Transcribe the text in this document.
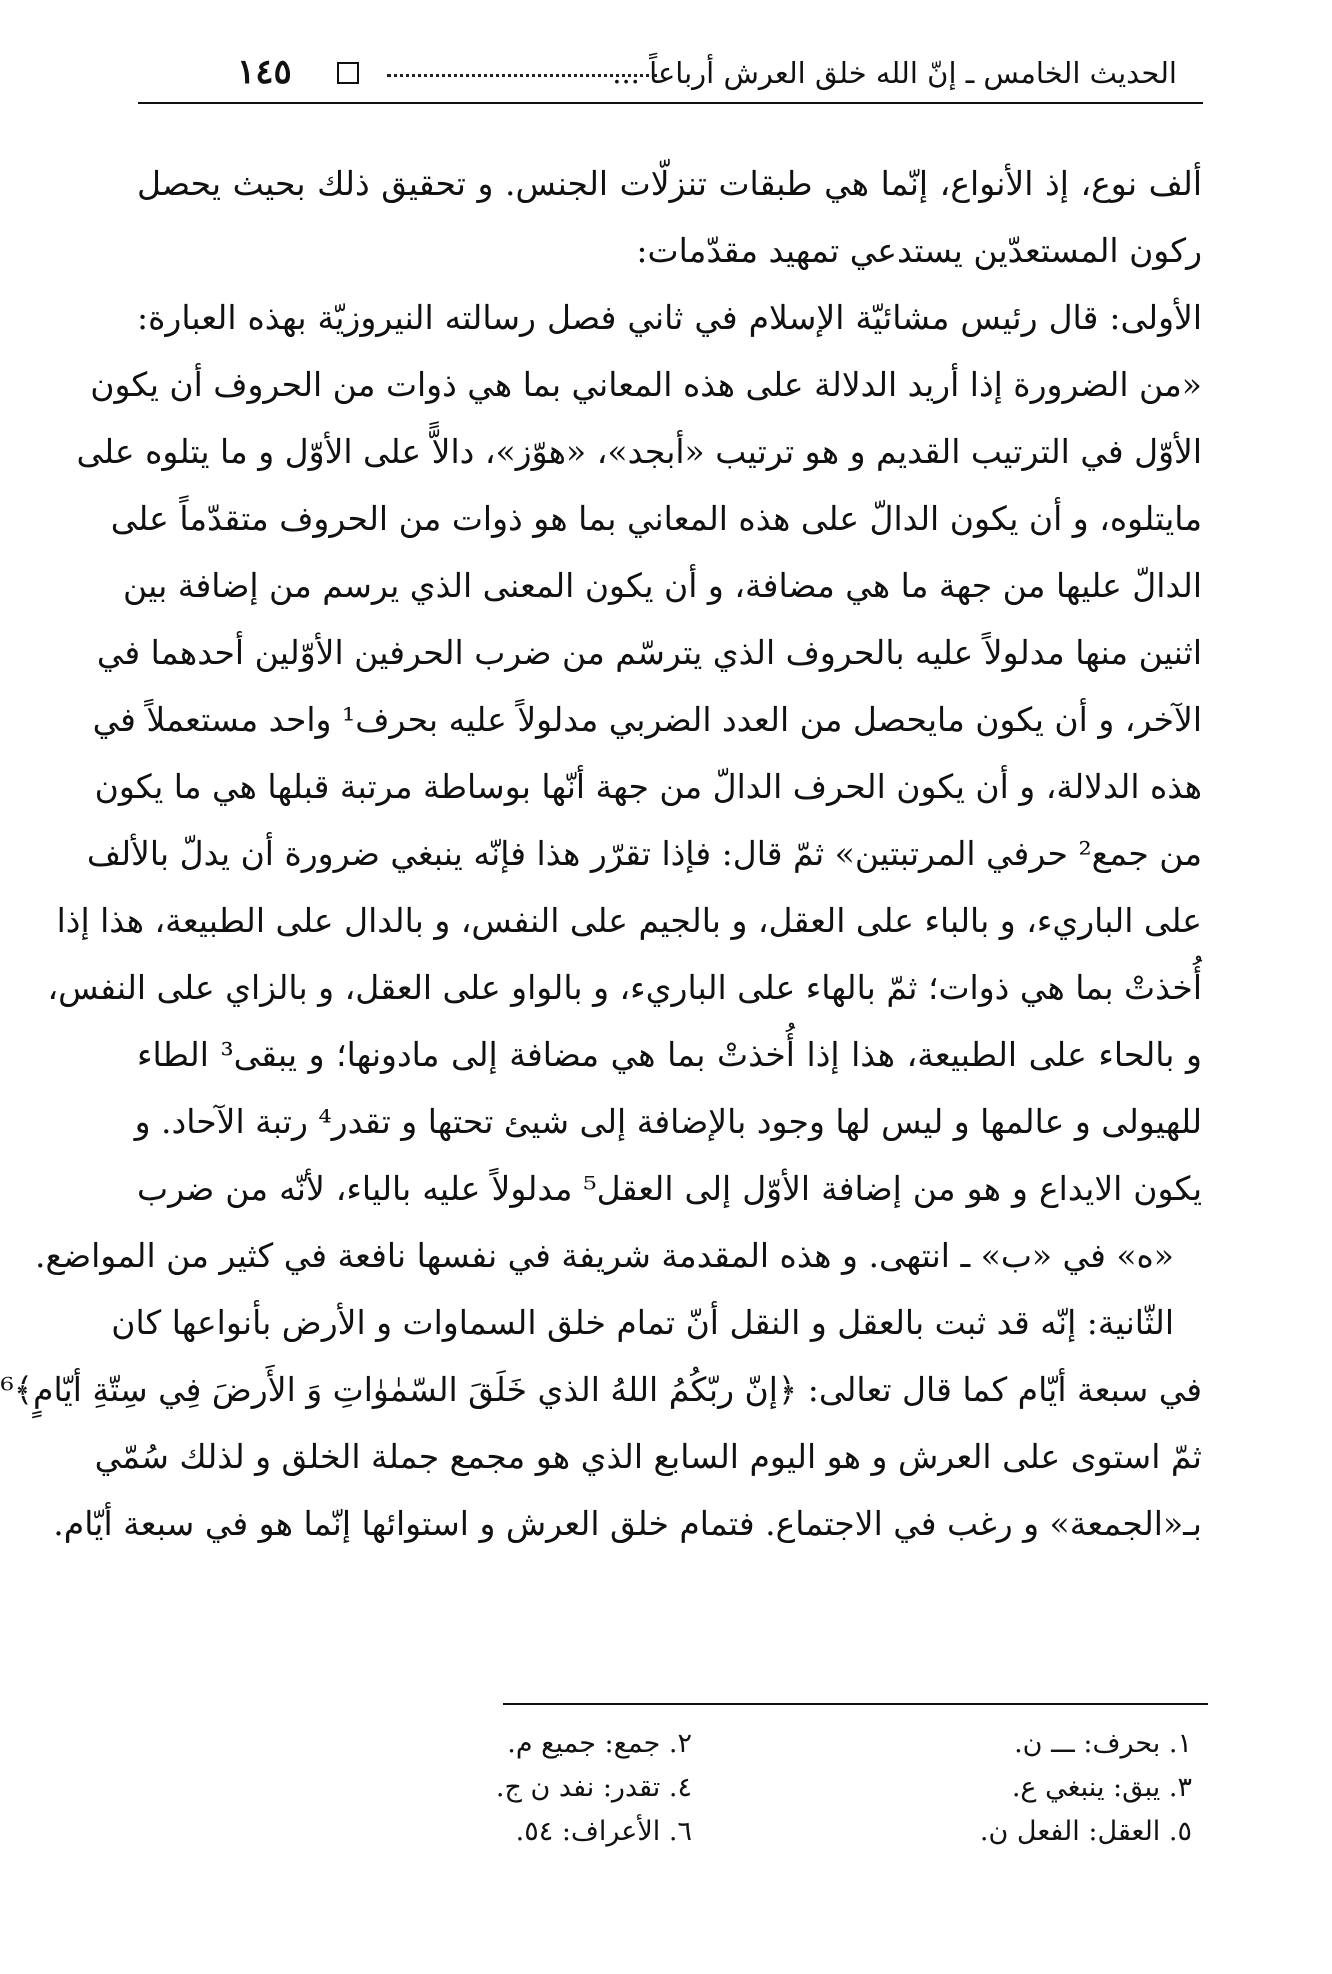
الحديث الخامس ـ إنّ الله خلق العرش أرباعاً ...
١٤٥
ألف نوع، إذ الأنواع، إنّما هي طبقات تنزلّات الجنس. و تحقيق ذلك بحيث يحصل
ركون المستعدّين يستدعي تمهيد مقدّمات:
الأولى: قال رئيس مشائيّة الإسلام في ثاني فصل رسالته النيروزيّة بهذه العبارة:
«من الضرورة إذا أريد الدلالة على هذه المعاني بما هي ذوات من الحروف أن يكون
الأوّل في الترتيب القديم و هو ترتيب «أبجد»، «هوّز»، دالاًّ على الأوّل و ما يتلوه على
مايتلوه، و أن يكون الدالّ على هذه المعاني بما هو ذوات من الحروف متقدّماً على
الدالّ عليها من جهة ما هي مضافة، و أن يكون المعنى الذي يرسم من إضافة بين
اثنين منها مدلولاً عليه بالحروف الذي يترسّم من ضرب الحرفين الأوّلين أحدهما في
الآخر، و أن يكون مايحصل من العدد الضربي مدلولاً عليه بحرف¹ واحد مستعملاً في
هذه الدلالة، و أن يكون الحرف الدالّ من جهة أنّها بوساطة مرتبة قبلها هي ما يكون
من جمع² حرفي المرتبتين» ثمّ قال: فإذا تقرّر هذا فإنّه ينبغي ضرورة أن يدلّ بالألف
على الباريء، و بالباء على العقل، و بالجيم على النفس، و بالدال على الطبيعة، هذا إذا
أُخذتْ بما هي ذوات؛ ثمّ بالهاء على الباريء، و بالواو على العقل، و بالزاي على النفس،
و بالحاء على الطبيعة، هذا إذا أُخذتْ بما هي مضافة إلى مادونها؛ و يبقى³ الطاء
للهيولى و عالمها و ليس لها وجود بالإضافة إلى شيئ تحتها و تقدر⁴ رتبة الآحاد. و
يكون الايداع و هو من إضافة الأوّل إلى العقل⁵ مدلولاً عليه بالياء، لأنّه من ضرب
«ه» في «ب» ـ انتهى. و هذه المقدمة شريفة في نفسها نافعة في كثير من المواضع.
الثّانية: إنّه قد ثبت بالعقل و النقل أنّ تمام خلق السماوات و الأرض بأنواعها كان
في سبعة أيّام كما قال تعالى: ﴿إنّ ربّكُمُ اللهُ الذي خَلَقَ السّمٰوٰاتِ وَ الأَرضَ فِي سِتّةِ أيّامٍ﴾⁶
ثمّ استوى على العرش و هو اليوم السابع الذي هو مجمع جملة الخلق و لذلك سُمّي
بـ«الجمعة» و رغب في الاجتماع. فتمام خلق العرش و استوائها إنّما هو في سبعة أيّام.
١. بحرف: ـــ ن.
٢. جمع: جميع م.
٣. يبق: ينبغي ع.
٤. تقدر: نفد ن ج.
٥. العقل: الفعل ن.
٦. الأعراف: ٥٤.
